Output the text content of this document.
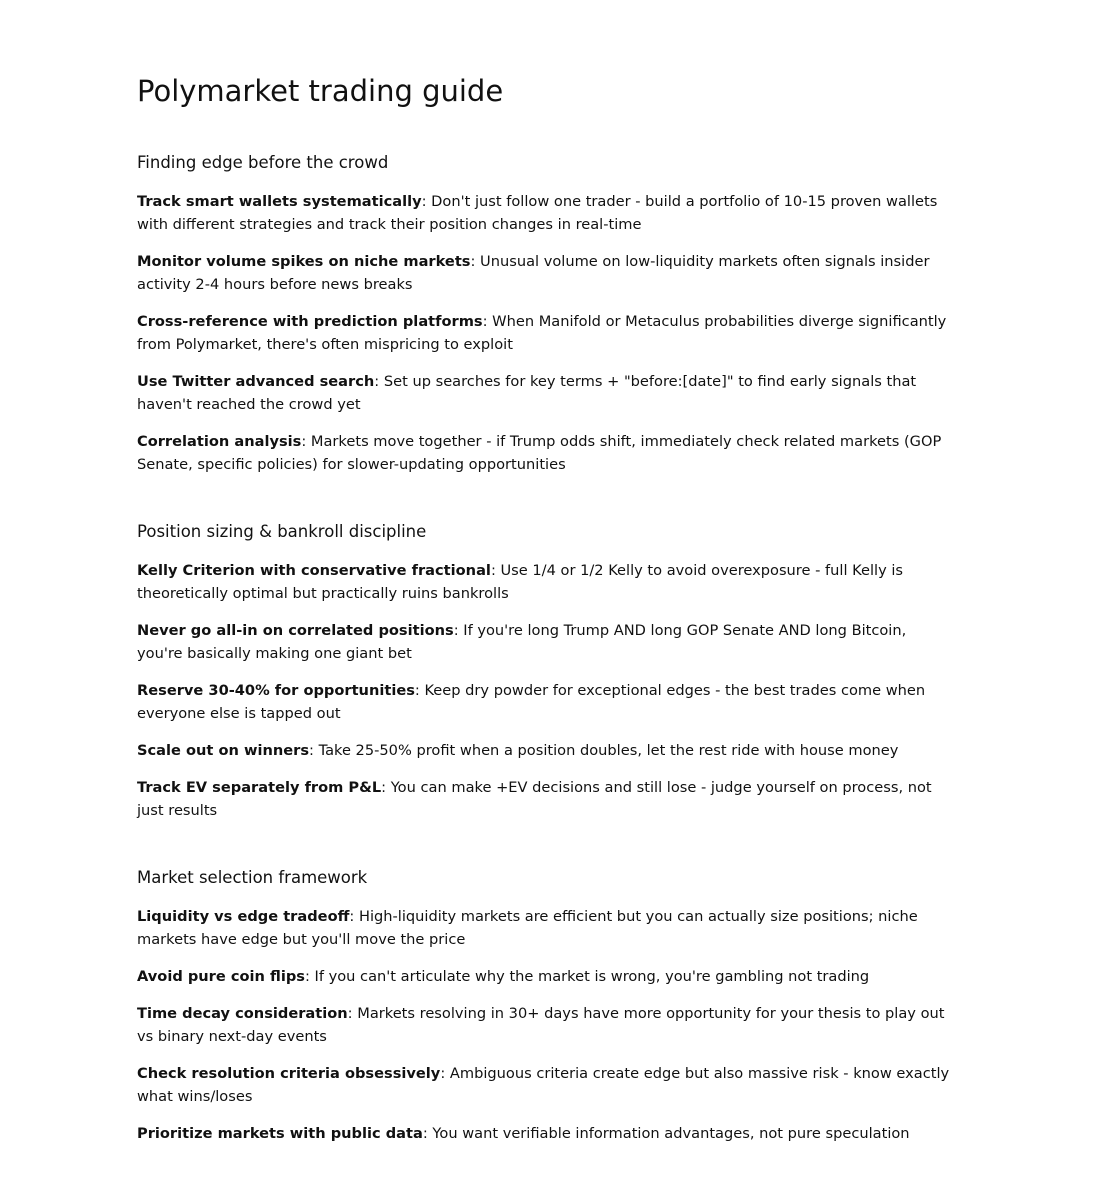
Polymarket trading guide
Finding edge before the crowd
Track smart wallets systematically: Don't just follow one trader - build a portfolio of 10-15 proven wallets with different strategies and track their position changes in real-time
Monitor volume spikes on niche markets: Unusual volume on low-liquidity markets often signals insider activity 2-4 hours before news breaks
Cross-reference with prediction platforms: When Manifold or Metaculus probabilities diverge significantly from Polymarket, there's often mispricing to exploit
Use Twitter advanced search: Set up searches for key terms + "before:[date]" to find early signals that haven't reached the crowd yet
Correlation analysis: Markets move together - if Trump odds shift, immediately check related markets (GOP Senate, specific policies) for slower-updating opportunities
Position sizing & bankroll discipline
Kelly Criterion with conservative fractional: Use 1/4 or 1/2 Kelly to avoid overexposure - full Kelly is theoretically optimal but practically ruins bankrolls
Never go all-in on correlated positions: If you're long Trump AND long GOP Senate AND long Bitcoin, you're basically making one giant bet
Reserve 30-40% for opportunities: Keep dry powder for exceptional edges - the best trades come when everyone else is tapped out
Scale out on winners: Take 25-50% profit when a position doubles, let the rest ride with house money
Track EV separately from P&L: You can make +EV decisions and still lose - judge yourself on process, not just results
Market selection framework
Liquidity vs edge tradeoff: High-liquidity markets are efficient but you can actually size positions; niche markets have edge but you'll move the price
Avoid pure coin flips: If you can't articulate why the market is wrong, you're gambling not trading
Time decay consideration: Markets resolving in 30+ days have more opportunity for your thesis to play out vs binary next-day events
Check resolution criteria obsessively: Ambiguous criteria create edge but also massive risk - know exactly what wins/loses
Prioritize markets with public data: You want verifiable information advantages, not pure speculation
